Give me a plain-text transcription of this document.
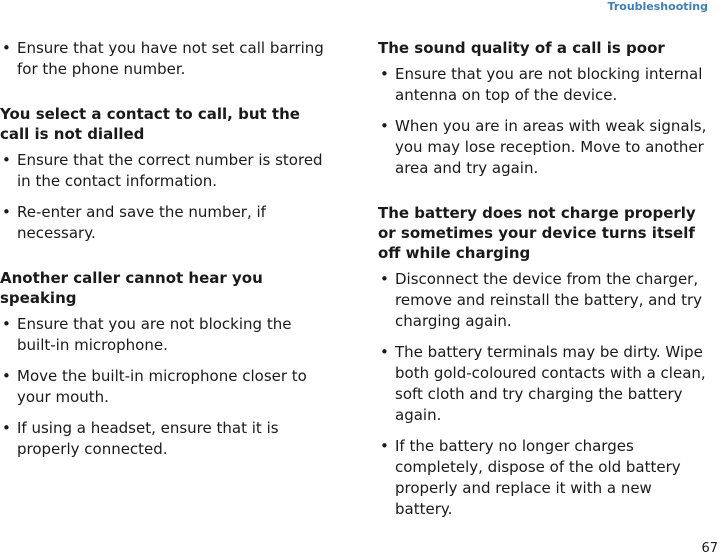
Troubleshooting
• Ensure that you have not set call barring for the phone number.
You select a contact to call, but the call is not dialled
• Ensure that the correct number is stored in the contact information.
• Re-enter and save the number, if necessary.
Another caller cannot hear you speaking
• Ensure that you are not blocking the built-in microphone.
• Move the built-in microphone closer to your mouth.
• If using a headset, ensure that it is properly connected.
The sound quality of a call is poor
• Ensure that you are not blocking internal antenna on top of the device.
• When you are in areas with weak signals, you may lose reception. Move to another area and try again.
The battery does not charge properly or sometimes your device turns itself off while charging
• Disconnect the device from the charger, remove and reinstall the battery, and try charging again.
• The battery terminals may be dirty. Wipe both gold-coloured contacts with a clean, soft cloth and try charging the battery again.
• If the battery no longer charges completely, dispose of the old battery properly and replace it with a new battery.
67
